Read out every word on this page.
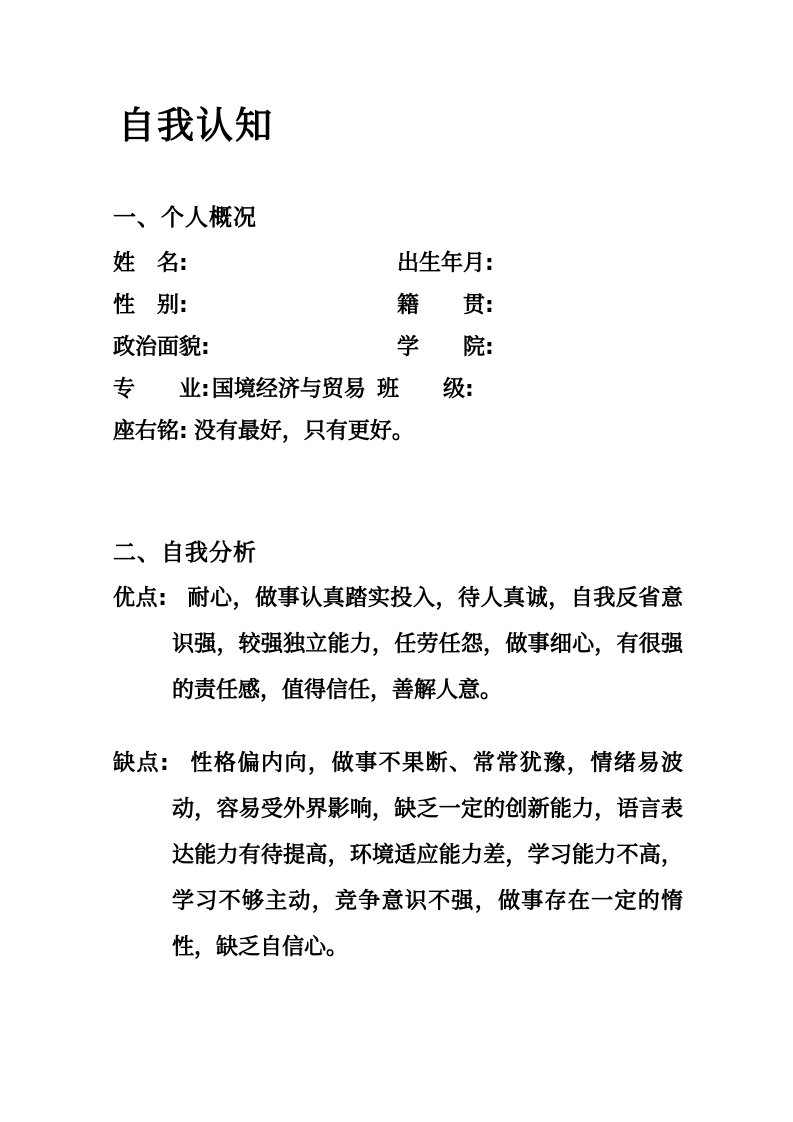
自我认知
一、个人概况
姓　名:	出生年月:
性　别:	籍　　贯:
政治面貌:	学　　院:
专　　业:国境经济与贸易 班　　级:
座右铭: 没有最好，只有更好。
二、自我分析
优点: 耐心，做事认真踏实投入，待人真诚，自我反省意识强，较强独立能力，任劳任怨，做事细心，有很强的责任感，值得信任，善解人意。
缺点: 性格偏内向，做事不果断、常常犹豫，情绪易波动，容易受外界影响，缺乏一定的创新能力，语言表达能力有待提高，环境适应能力差，学习能力不高，学习不够主动，竞争意识不强，做事存在一定的惰性，缺乏自信心。
